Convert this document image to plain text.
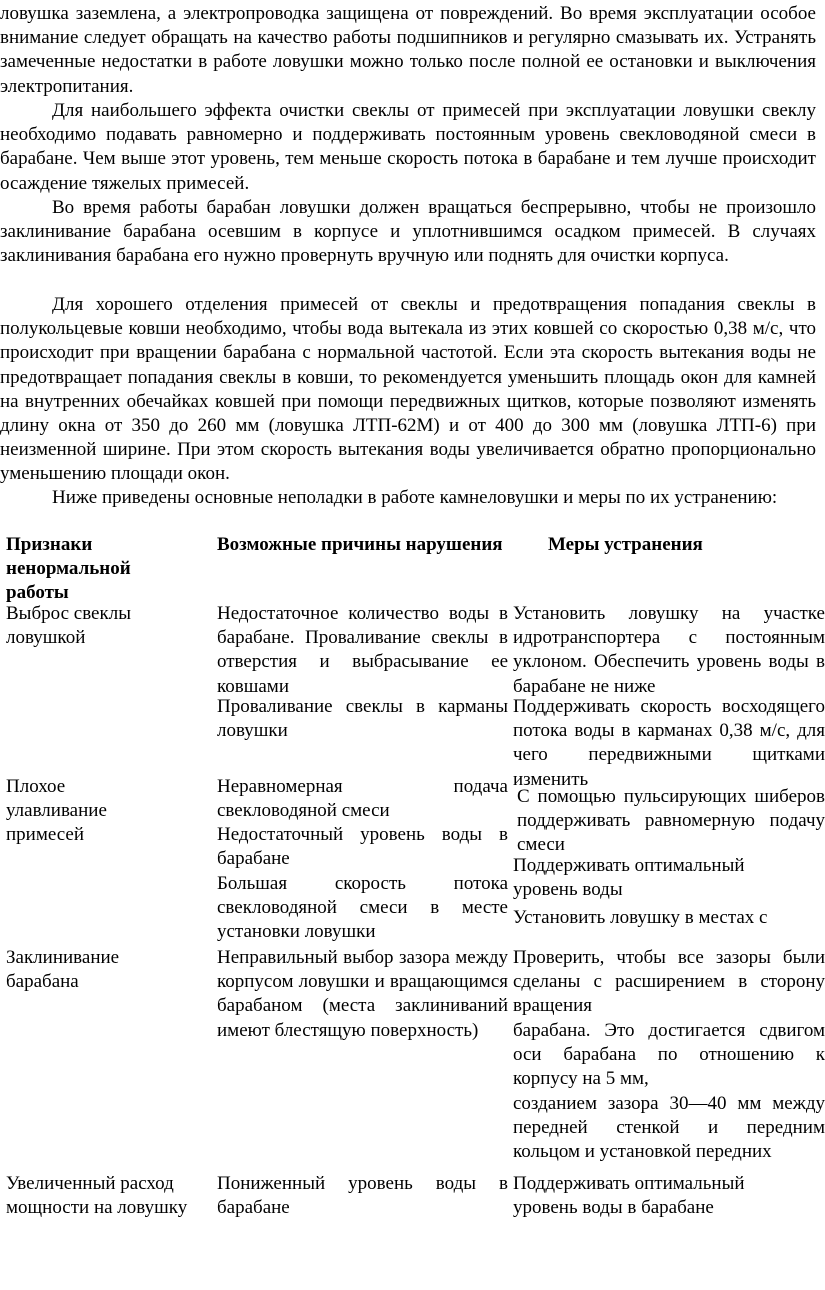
ловушка заземлена, а электропроводка защищена от повреждений. Во время эксплуатации особое внимание следует обращать на качество работы подшипников и регулярно смазывать их. Устранять замеченные недостатки в работе ловушки можно только после полной ее остановки и выключения электропитания.

Для наибольшего эффекта очистки свеклы от примесей при эксплуатации ловушки свеклу необходимо подавать равномерно и поддерживать постоянным уровень свекловодяной смеси в барабане. Чем выше этот уровень, тем меньше скорость потока в барабане и тем лучше происходит осаждение тяжелых примесей.

Во время работы барабан ловушки должен вращаться беспрерывно, чтобы не произошло заклинивание барабана осевшим в корпусе и уплотнившимся осадком примесей. В случаях заклинивания барабана его нужно провернуть вручную или поднять для очистки корпуса.

Для хорошего отделения примесей от свеклы и предотвращения попадания свеклы в полукольцевые ковши необходимо, чтобы вода вытекала из этих ковшей со скоростью 0,38 м/с, что происходит при вращении барабана с нормальной частотой. Если эта скорость вытекания воды не предотвращает попадания свеклы в ковши, то рекомендуется уменьшить площадь окон для камней на внутренних обечайках ковшей при помощи передвижных щитков, которые позволяют изменять длину окна от 350 до 260 мм (ловушка ЛТП-62М) и от 400 до 300 мм (ловушка ЛТП-6) при неизменной ширине. При этом скорость вытекания воды увеличивается обратно пропорционально уменьшению площади окон.

Ниже приведены основные неполадки в работе камнеловушки и меры по их устранению:

Признаки ненормальной работы
Возможные причины нарушения Меры устранения
Выброс свеклы ловушкой
Недостаточное количество воды в барабане. Проваливание свеклы в отверстия и выбрасывание ее ковшами
Проваливание свеклы в карманы ловушки
Установить ловушку на участке идротранспортера с постоянным уклоном. Обеспечить уровень воды в барабане не ниже
Поддерживать скорость восходящего потока воды в карманах 0,38 м/с, для чего передвижными щитками изменить
Плохое улавливание примесей
Неравномерная подача свекловодяной смеси
Недостаточный уровень воды в барабане
Большая скорость потока свекловодяной смеси в месте установки ловушки
С помощью пульсирующих шиберов поддерживать равномерную подачу смеси
Поддерживать оптимальный уровень воды
Установить ловушку в местах с
Заклинивание барабана
Неправильный выбор зазора между корпусом ловушки и вращающимся барабаном (места заклиниваний имеют блестящую поверхность)
Проверить, чтобы все зазоры были сделаны с расширением в сторону вращения
барабана. Это достигается сдвигом оси барабана по отношению к корпусу на 5 мм,
созданием зазора 30—40 мм между передней стенкой и передним кольцом и установкой передних
Увеличенный расход мощности на ловушку
Пониженный уровень воды в барабане
Поддерживать оптимальный уровень воды в барабане
